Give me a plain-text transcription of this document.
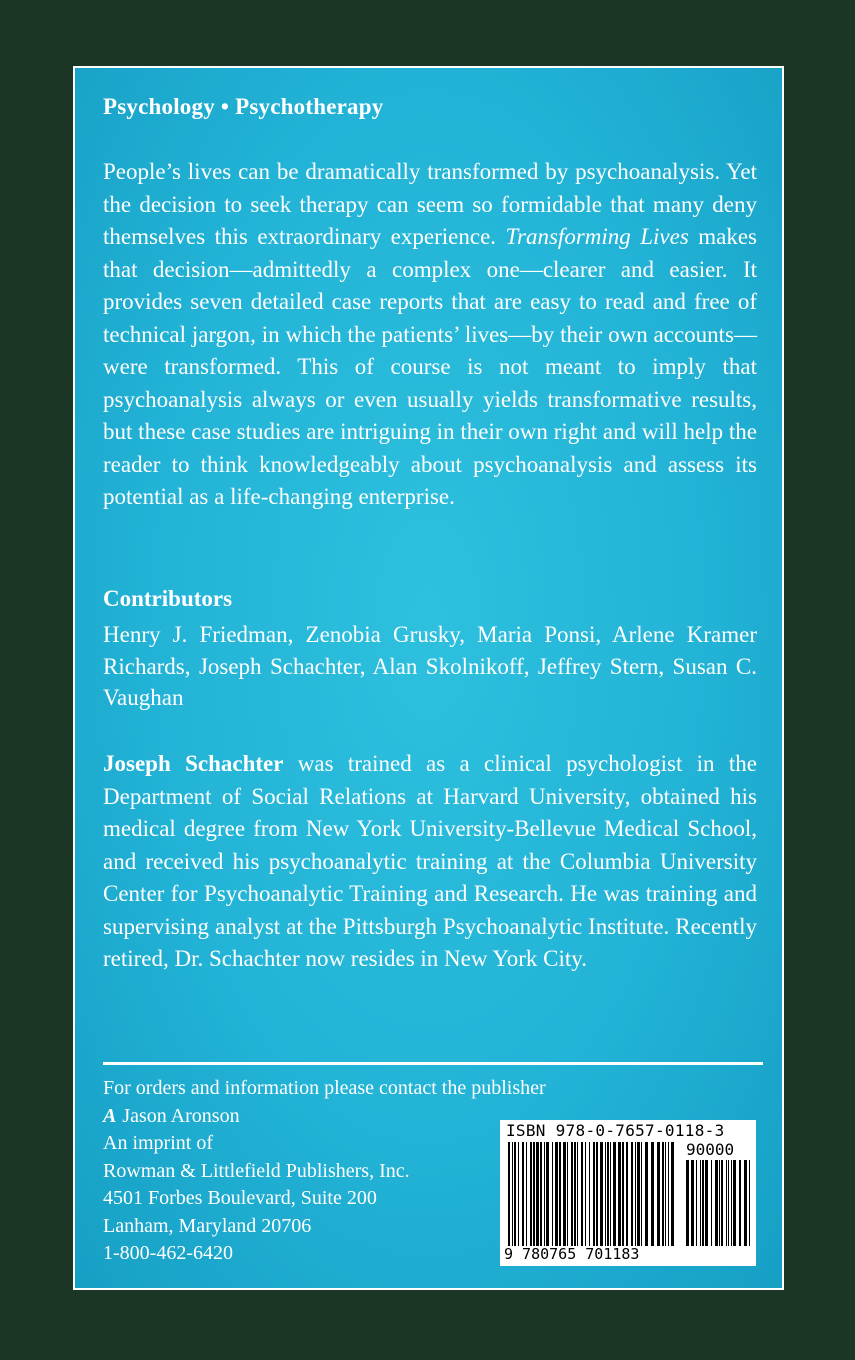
Psychology • Psychotherapy

People’s lives can be dramatically transformed by psychoanalysis. Yet the decision to seek therapy can seem so formidable that many deny themselves this extraordinary experience. Transforming Lives makes that decision—admittedly a complex one—clearer and easier. It provides seven detailed case reports that are easy to read and free of technical jargon, in which the patients’ lives—by their own accounts—were transformed. This of course is not meant to imply that psychoanalysis always or even usually yields transformative results, but these case studies are intriguing in their own right and will help the reader to think knowledgeably about psychoanalysis and assess its potential as a life-changing enterprise.

Contributors

Henry J. Friedman, Zenobia Grusky, Maria Ponsi, Arlene Kramer Richards, Joseph Schachter, Alan Skolnikoff, Jeffrey Stern, Susan C. Vaughan

Joseph Schachter was trained as a clinical psychologist in the Department of Social Relations at Harvard University, obtained his medical degree from New York University-Bellevue Medical School, and received his psychoanalytic training at the Columbia University Center for Psychoanalytic Training and Research. He was training and supervising analyst at the Pittsburgh Psychoanalytic Institute. Recently retired, Dr. Schachter now resides in New York City.

For orders and information please contact the publisher
A Jason Aronson
An imprint of
Rowman & Littlefield Publishers, Inc.
4501 Forbes Boulevard, Suite 200
Lanham, Maryland 20706
1-800-462-6420
ISBN 978-0-7657-0118-3
90000
9 780765 701183
